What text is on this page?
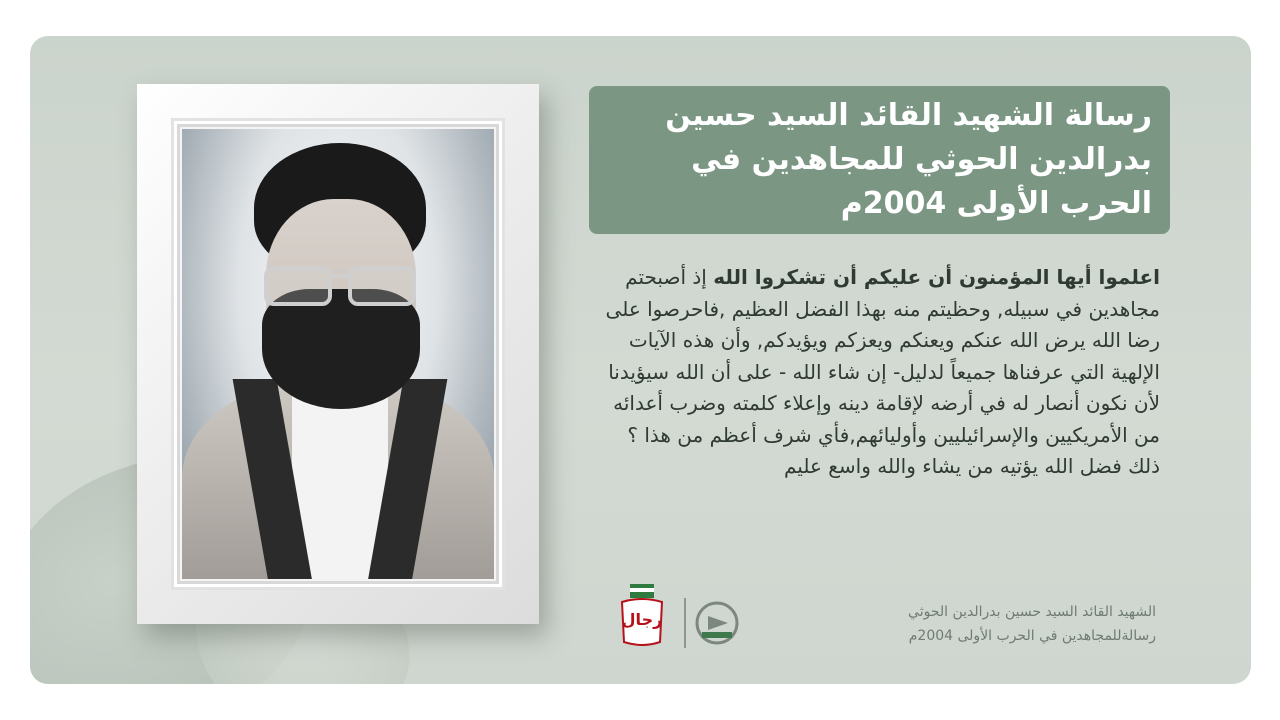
رسالة الشهيد القائد السيد حسين بدرالدين الحوثي للمجاهدين في الحرب الأولى 2004م

اعلموا أيها المؤمنون أن عليكم أن تشكروا الله إذ أصبحتم مجاهدين في سبيله, وحظيتم منه بهذا الفضل العظيم ,فاحرصوا على رضا الله يرض الله عنكم ويعنكم ويعزكم ويؤيدكم, وأن هذه الآيات الإلهية التي عرفناها جميعاً لدليل- إن شاء الله - على أن الله سيؤيدنا لأن نكون أنصار له في أرضه لإقامة دينه وإعلاء كلمته وضرب أعدائه من الأمريكيين والإسرائيليين وأوليائهم,فأي شرف أعظم من هذا ؟ ذلك فضل الله يؤتيه من يشاء والله واسع عليم

الشهيد القائد السيد حسين بدرالدين الحوثي
رسالةللمجاهدين في الحرب الأولى 2004م
رجال
